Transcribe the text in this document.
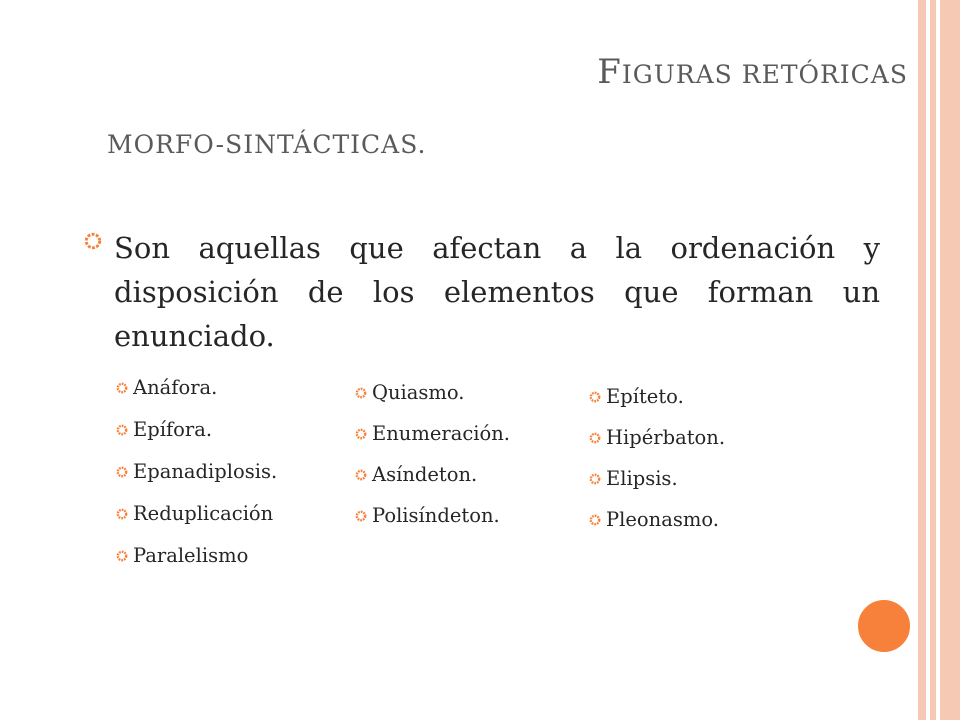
FIGURAS RETÓRICAS
MORFO-SINTÁCTICAS.
Son aquellas que afectan a la ordenación y disposición de los elementos que forman un enunciado.
Anáfora.
Epífora.
Epanadiplosis.
Reduplicación
Paralelismo
Quiasmo.
Enumeración.
Asíndeton.
Polisíndeton.
Epíteto.
Hipérbaton.
Elipsis.
Pleonasmo.
